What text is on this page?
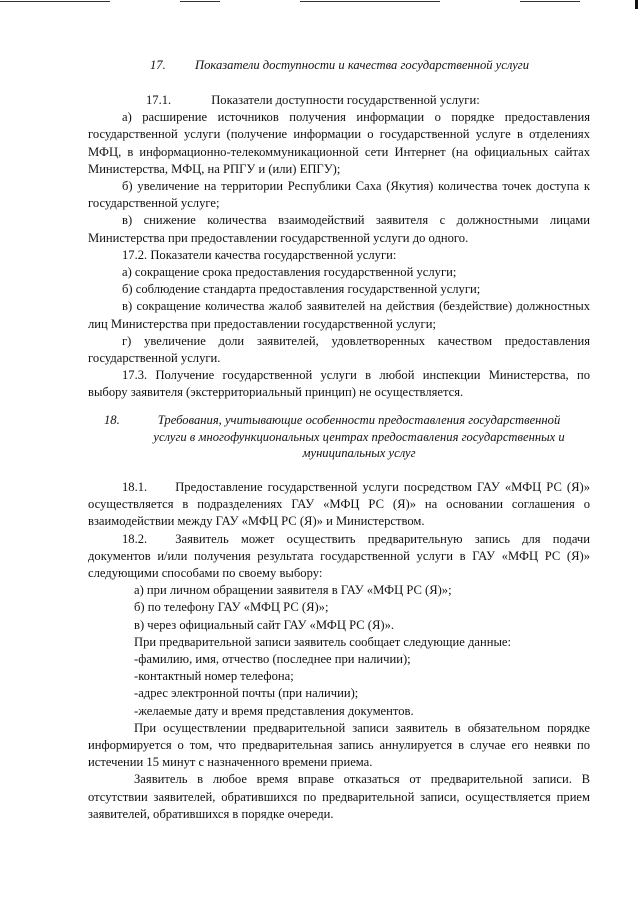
17.	Показатели доступности и качества государственной услуги

17.1.	Показатели доступности государственной услуги:

а) расширение источников получения информации о порядке предоставления государственной услуги (получение информации о государственной услуге в отделениях МФЦ, в информационно-телекоммуникационной сети Интернет (на официальных сайтах Министерства, МФЦ, на РПГУ и (или) ЕПГУ);

б) увеличение на территории Республики Саха (Якутия) количества точек доступа к государственной услуге;

в) снижение количества взаимодействий заявителя с должностными лицами Министерства при предоставлении государственной услуги до одного.

17.2. Показатели качества государственной услуги:

а) сокращение срока предоставления государственной услуги;

б) соблюдение стандарта предоставления государственной услуги;

в) сокращение количества жалоб заявителей на действия (бездействие) должностных лиц Министерства при предоставлении государственной услуги;

г) увеличение доли заявителей, удовлетворенных качеством предоставления государственной услуги.

17.3. Получение государственной услуги в любой инспекции Министерства, по выбору заявителя (экстерриториальный принцип) не осуществляется.

18.	Требования, учитывающие особенности предоставления государственной
услуги в многофункциональных центрах предоставления государственных и
муниципальных услуг

18.1. Предоставление государственной услуги посредством ГАУ «МФЦ РС (Я)» осуществляется в подразделениях ГАУ «МФЦ РС (Я)» на основании соглашения о взаимодействии между ГАУ «МФЦ РС (Я)» и Министерством.

18.2. Заявитель может осуществить предварительную запись для подачи документов и/или получения результата государственной услуги в ГАУ «МФЦ РС (Я)» следующими способами по своему выбору:

а) при личном обращении заявителя в ГАУ «МФЦ РС (Я)»;

б) по телефону ГАУ «МФЦ РС (Я)»;

в) через официальный сайт ГАУ «МФЦ РС (Я)».

При предварительной записи заявитель сообщает следующие данные:

-фамилию, имя, отчество (последнее при наличии);

-контактный номер телефона;

-адрес электронной почты (при наличии);

-желаемые дату и время представления документов.

При осуществлении предварительной записи заявитель в обязательном порядке информируется о том, что предварительная запись аннулируется в случае его неявки по истечении 15 минут с назначенного времени приема.

Заявитель в любое время вправе отказаться от предварительной записи. В отсутствии заявителей, обратившихся по предварительной записи, осуществляется прием заявителей, обратившихся в порядке очереди.
